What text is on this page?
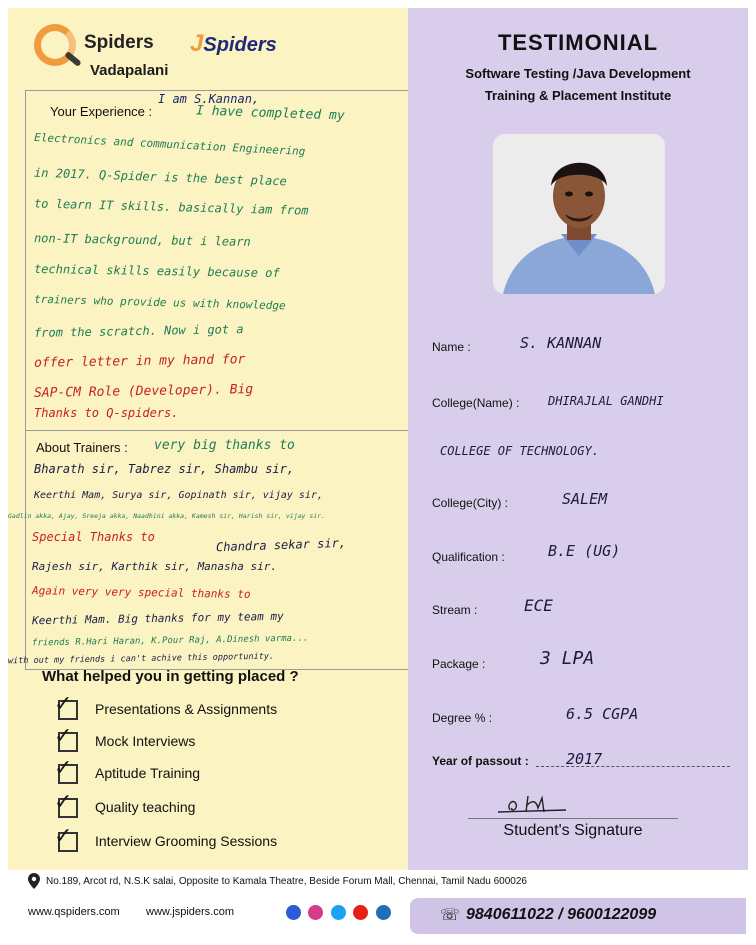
Spiders JSpiders
Vadapalani
Your Experience :
I am S.Kannan,
I have completed my
Electronics and communication Engineering
in 2017. Q-Spider is the best place
to learn IT skills. basically iam from
non-IT background, but i learn
technical skills easily because of
trainers who provide us with knowledge
from the scratch. Now i got a
offer letter in my hand for
SAP-CM Role (Developer). Big
Thanks to Q-spiders.
About Trainers : very big thanks to
Bharath sir, Tabrez sir, Shambu sir,
Keerthi Mam, Surya sir, Gopinath sir, vijay sir,
Gadlin akka, Ajay, Sreeja akka, Naadhini akka, Kamesh sir, Harish sir, vijay sir.
Special Thanks to	Chandra sekar sir,
Rajesh sir, Karthik sir, Manasha sir.
Again very very special thanks to
Keerthi Mam. Big thanks for my team my
friends R.Hari Haran, K.Pour Raj, A.Dinesh varma...
with out my friends i can't achive this opportunity.
What helped you in getting placed ?
✓ Presentations & Assignments
✓ Mock Interviews
✓ Aptitude Training
✓ Quality teaching
✓ Interview Grooming Sessions
TESTIMONIAL
Software Testing /Java Development
Training & Placement Institute
Name :	S. KANNAN
College(Name) : DHIRAJLAL GANDHI
COLLEGE OF TECHNOLOGY.
College(City) :	SALEM
Qualification :	B.E (UG)
Stream :	ECE
Package :	3 LPA
Degree % :	6.5 CGPA
Year of passout : 2017
Student's Signature
No.189, Arcot rd, N.S.K salai, Opposite to Kamala Theatre, Beside Forum Mall, Chennai, Tamil Nadu 600026
www.qspiders.com www.jspiders.com
	☏ 9840611022 / 9600122099
